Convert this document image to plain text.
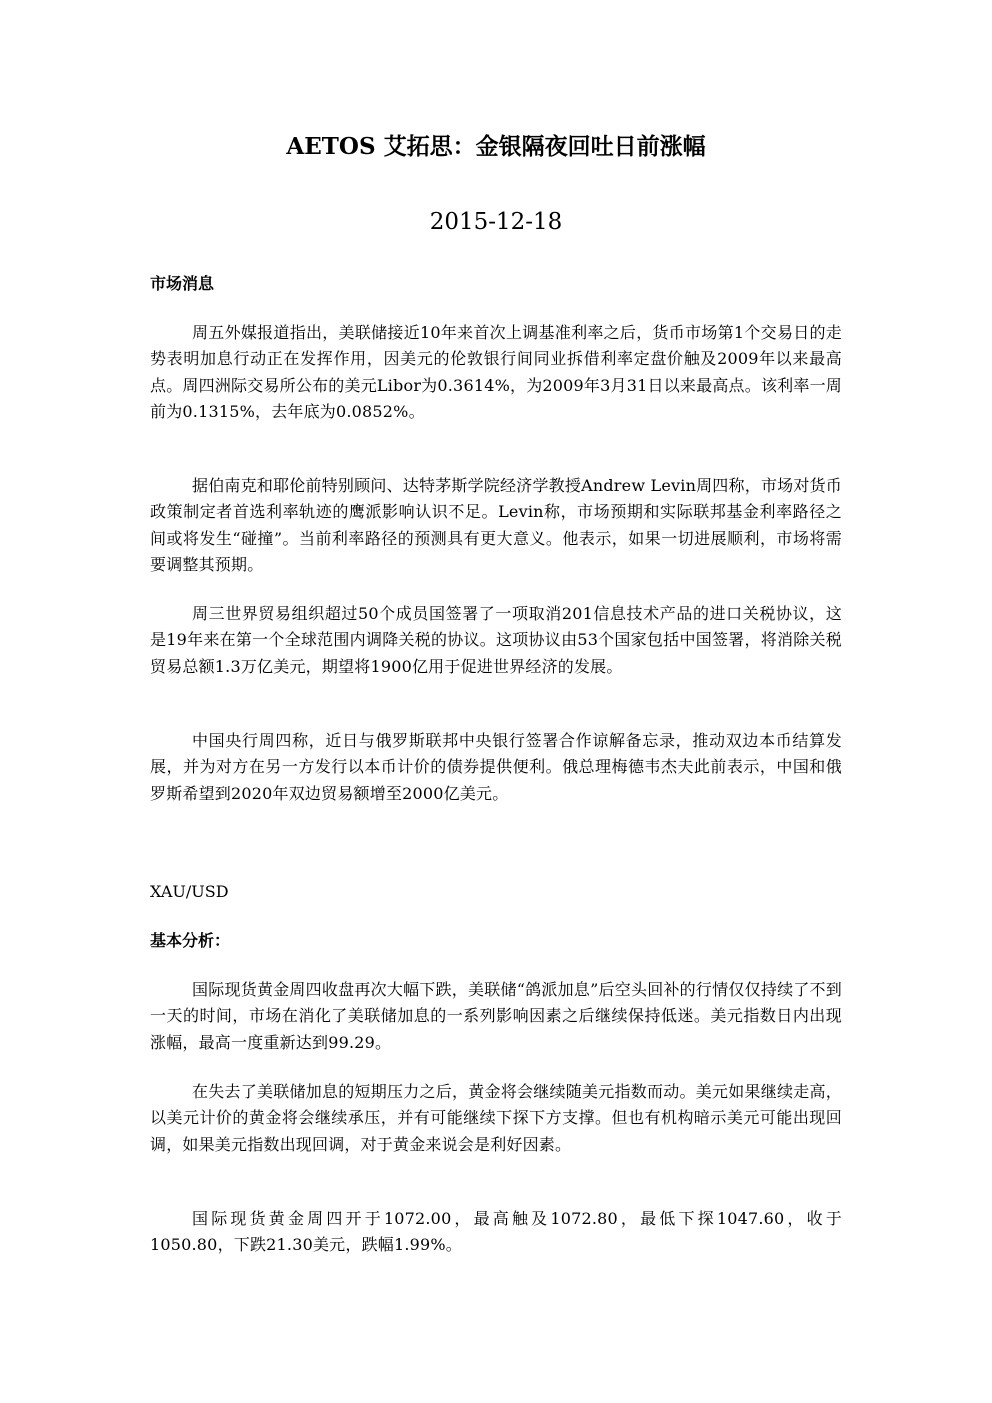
AETOS 艾拓思：金银隔夜回吐日前涨幅
2015-12-18
市场消息

周五外媒报道指出，美联储接近10年来首次上调基准利率之后，货币市场第1个交易日的走势表明加息行动正在发挥作用，因美元的伦敦银行间同业拆借利率定盘价触及2009年以来最高点。周四洲际交易所公布的美元Libor为0.3614%，为2009年3月31日以来最高点。该利率一周前为0.1315%，去年底为0.0852%。

据伯南克和耶伦前特别顾问、达特茅斯学院经济学教授Andrew Levin周四称，市场对货币政策制定者首选利率轨迹的鹰派影响认识不足。Levin称，市场预期和实际联邦基金利率路径之间或将发生“碰撞”。当前利率路径的预测具有更大意义。他表示，如果一切进展顺利，市场将需要调整其预期。

周三世界贸易组织超过50个成员国签署了一项取消201信息技术产品的进口关税协议，这是19年来在第一个全球范围内调降关税的协议。这项协议由53个国家包括中国签署，将消除关税贸易总额1.3万亿美元，期望将1900亿用于促进世界经济的发展。

中国央行周四称，近日与俄罗斯联邦中央银行签署合作谅解备忘录，推动双边本币结算发展，并为对方在另一方发行以本币计价的债券提供便利。俄总理梅德韦杰夫此前表示，中国和俄罗斯希望到2020年双边贸易额增至2000亿美元。

XAU/USD
基本分析：

国际现货黄金周四收盘再次大幅下跌，美联储“鸽派加息”后空头回补的行情仅仅持续了不到一天的时间，市场在消化了美联储加息的一系列影响因素之后继续保持低迷。美元指数日内出现涨幅，最高一度重新达到99.29。

在失去了美联储加息的短期压力之后，黄金将会继续随美元指数而动。美元如果继续走高，以美元计价的黄金将会继续承压，并有可能继续下探下方支撑。但也有机构暗示美元可能出现回调，如果美元指数出现回调，对于黄金来说会是利好因素。

国际现货黄金周四开于1072.00，最高触及1072.80，最低下探1047.60，收于1050.80，下跌21.30美元，跌幅1.99%。
